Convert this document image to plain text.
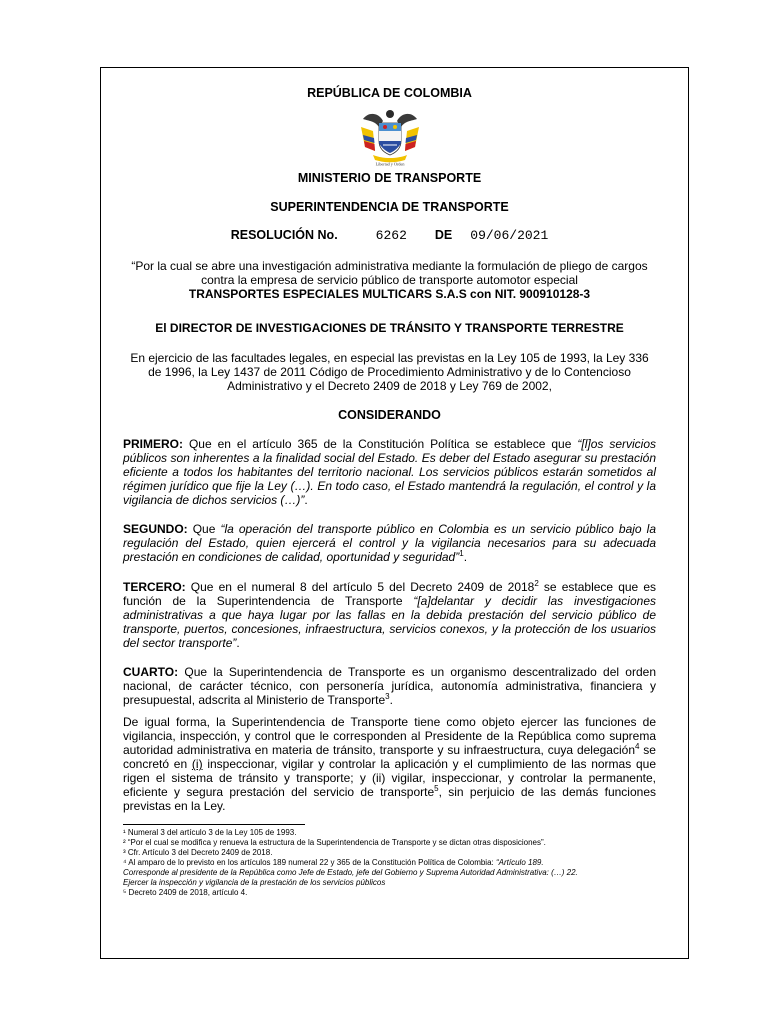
REPÚBLICA DE COLOMBIA
Libertad y Orden
MINISTERIO DE TRANSPORTE
SUPERINTENDENCIA DE TRANSPORTE
RESOLUCIÓN No.	6262 DE 09/06/2021
“Por la cual se abre una investigación administrativa mediante la formulación de pliego de cargos contra la empresa de servicio público de transporte automotor especial
TRANSPORTES ESPECIALES MULTICARS S.A.S con NIT. 900910128-3
El DIRECTOR DE INVESTIGACIONES DE TRÁNSITO Y TRANSPORTE TERRESTRE
En ejercicio de las facultades legales, en especial las previstas en la Ley 105 de 1993, la Ley 336 de 1996, la Ley 1437 de 2011 Código de Procedimiento Administrativo y de lo Contencioso Administrativo y el Decreto 2409 de 2018 y Ley 769 de 2002,
CONSIDERANDO
PRIMERO: Que en el artículo 365 de la Constitución Política se establece que “[l]os servicios públicos son inherentes a la finalidad social del Estado. Es deber del Estado asegurar su prestación eficiente a todos los habitantes del territorio nacional. Los servicios públicos estarán sometidos al régimen jurídico que fije la Ley (…). En todo caso, el Estado mantendrá la regulación, el control y la vigilancia de dichos servicios (…)”.
SEGUNDO: Que “la operación del transporte público en Colombia es un servicio público bajo la regulación del Estado, quien ejercerá el control y la vigilancia necesarios para su adecuada prestación en condiciones de calidad, oportunidad y seguridad”$^1$.
TERCERO: Que en el numeral 8 del artículo 5 del Decreto 2409 de 2018$^2$ se establece que es función de la Superintendencia de Transporte “[a]delantar y decidir las investigaciones administrativas a que haya lugar por las fallas en la debida prestación del servicio público de transporte, puertos, concesiones, infraestructura, servicios conexos, y la protección de los usuarios del sector transporte”.
CUARTO: Que la Superintendencia de Transporte es un organismo descentralizado del orden nacional, de carácter técnico, con personería jurídica, autonomía administrativa, financiera y presupuestal, adscrita al Ministerio de Transporte$^3$.
De igual forma, la Superintendencia de Transporte tiene como objeto ejercer las funciones de vigilancia, inspección, y control que le corresponden al Presidente de la República como suprema autoridad administrativa en materia de tránsito, transporte y su infraestructura, cuya delegación$^4$ se concretó en (i) inspeccionar, vigilar y controlar la aplicación y el cumplimiento de las normas que rigen el sistema de tránsito y transporte; y (ii) vigilar, inspeccionar, y controlar la permanente, eficiente y segura prestación del servicio de transporte$^5$, sin perjuicio de las demás funciones previstas en la Ley.
¹ Numeral 3 del artículo 3 de la Ley 105 de 1993.
² “Por el cual se modifica y renueva la estructura de la Superintendencia de Transporte y se dictan otras disposiciones”.
³ Cfr. Artículo 3 del Decreto 2409 de 2018.
⁴ Al amparo de lo previsto en los artículos 189 numeral 22 y 365 de la Constitución Política de Colombia: “Artículo 189.
Corresponde al presidente de la República como Jefe de Estado, jefe del Gobierno y Suprema Autoridad Administrativa: (…) 22.
Ejercer la inspección y vigilancia de la prestación de los servicios públicos
⁵ Decreto 2409 de 2018, artículo 4.
